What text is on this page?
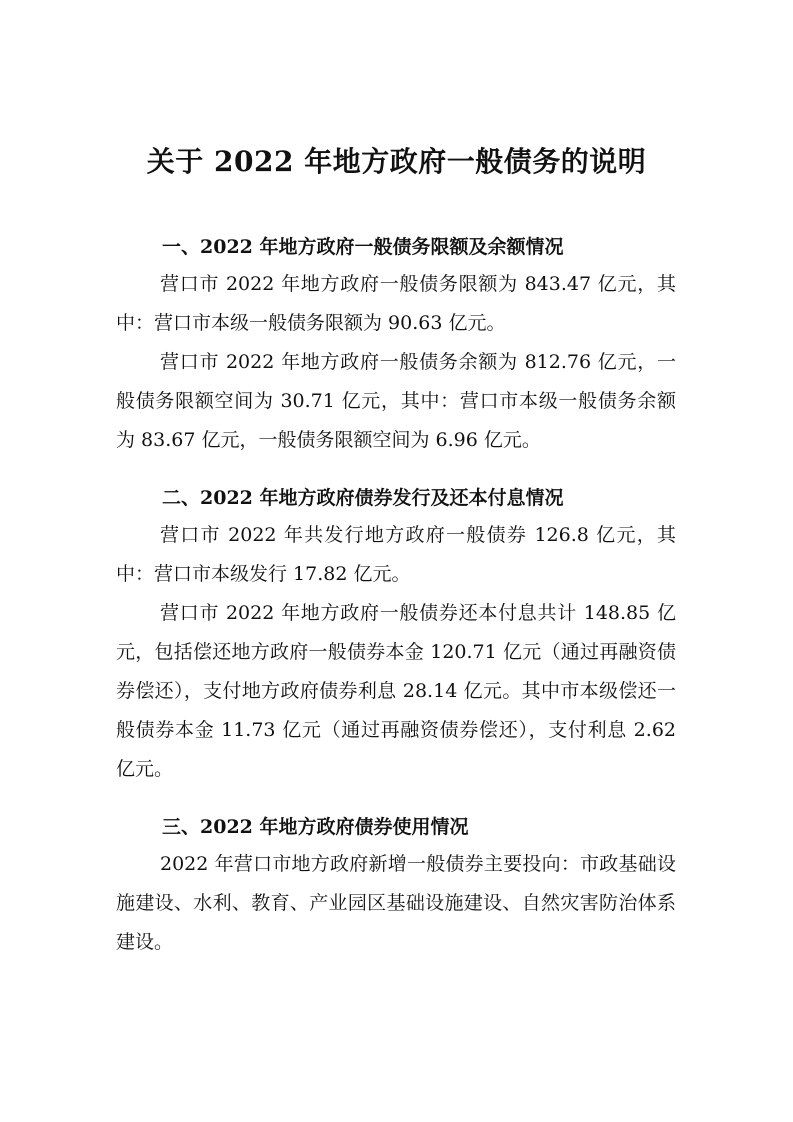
关于 2022 年地方政府一般债务的说明
一、2022 年地方政府一般债务限额及余额情况
营口市 2022 年地方政府一般债务限额为 843.47 亿元，其中：营口市本级一般债务限额为 90.63 亿元。
营口市 2022 年地方政府一般债务余额为 812.76 亿元，一般债务限额空间为 30.71 亿元，其中：营口市本级一般债务余额为 83.67 亿元，一般债务限额空间为 6.96 亿元。
二、2022 年地方政府债券发行及还本付息情况
营口市 2022 年共发行地方政府一般债券 126.8 亿元，其中：营口市本级发行 17.82 亿元。
营口市 2022 年地方政府一般债券还本付息共计 148.85 亿元，包括偿还地方政府一般债券本金 120.71 亿元（通过再融资债券偿还），支付地方政府债券利息 28.14 亿元。其中市本级偿还一般债券本金 11.73 亿元（通过再融资债券偿还），支付利息 2.62 亿元。
三、2022 年地方政府债券使用情况
2022 年营口市地方政府新增一般债券主要投向：市政基础设施建设、水利、教育、产业园区基础设施建设、自然灾害防治体系建设。
